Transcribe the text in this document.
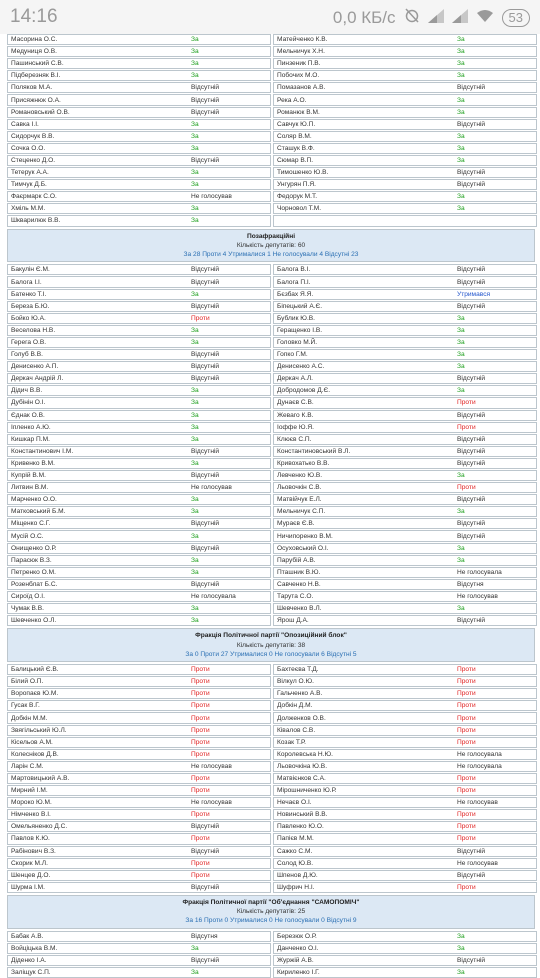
14:16	0,0 КБ/с	53
Масорина О.С.	За	Матейченко К.В.	За
Медуниця О.В.	За	Мельничук Х.Н.	За
Пашинський С.В.	За	Пинзеник П.В.	За
Підберезняк В.І.	За	Побочих М.О.	За
Поляков М.А.	Відсутній	Помазанов А.В.	Відсутній
Присяжнюк О.А.	Відсутній	Река А.О.	За
Романовський О.В.	Відсутній	Романюк В.М.	За
Савка І.І.	За	Савчук Ю.П.	Відсутній
Сидорчук В.В.	За	Соляр В.М.	За
Сочка О.О.	За	Сташук В.Ф.	За
Стеценко Д.О.	Відсутній	Сюмар В.П.	За
Тетерук А.А.	За	Тимошенко Ю.В.	Відсутній
Тимчук Д.Б.	За	Унгурян П.Я.	Відсутній
Фаєрмарк С.О.	Не голосував	Федорук М.Т.	За
Хміль М.М.	За	Чорновол Т.М.	За
Шкварилюк В.В.	За
Позафракційні
Кількість депутатів: 60
За 28 Проти 4 Утрималися 1 Не голосували 4 Відсутні 23
Бакулін Є.М.	Відсутній	Балога В.І.	Відсутній
Балога І.І.	Відсутній	Балога П.І.	Відсутній
Батенко Т.І.	За	Бєзбах Я.Я.	Утримався
Береза Б.Ю.	Відсутній	Біпецький А.Є.	Відсутній
Бойко Ю.А.	Проти	Бублик Ю.В.	За
Веселова Н.В.	За	Геращенко І.В.	За
Герега О.В.	За	Головко М.Й.	За
Голуб В.В.	Відсутній	Гопко Г.М.	За
Денисенко А.П.	Відсутній	Денисенко А.С.	За
Деркач Андрій Л.	Відсутній	Деркач А.Л.	Відсутній
Дідич В.В.	За	Добродомов Д.Є.	За
Дубінін О.І.	За	Дунаєв С.В.	Проти
Єднак О.В.	За	Жеваго К.В.	Відсутній
Іпленко А.Ю.	За	Іоффе Ю.Я.	Проти
Кишкар П.М.	За	Клюєв С.П.	Відсутній
Константинович І.М.	Відсутній	Константиновський В.Л.	Відсутній
Кривенко В.М.	За	Кривохатько В.В.	Відсутній
Купрій В.М.	Відсутній	Левченко Ю.В.	За
Литвин В.М.	Не голосував	Льовочкін С.В.	Проти
Марченко О.О.	За	Матвійчук Е.Л.	Відсутній
Матковський Б.М.	За	Мельничук С.П.	За
Міщенко С.Г.	Відсутній	Мураєв Є.В.	Відсутній
Мусій О.С.	За	Ничипоренко В.М.	Відсутній
Онищенко О.Р.	Відсутній	Осуховський О.І.	За
Парасюк В.З.	За	Парубій А.В.	За
Петренко О.М.	За	Пташник В.Ю.	Не голосувала
Розенблат Б.С.	Відсутній	Савченко Н.В.	Відсутня
Сироїд О.І.	Не голосувала	Тарута С.О.	Не голосував
Чумак В.В.	За	Шевченко В.Л.	За
Шевченко О.Л.	За	Ярош Д.А.	Відсутній
Фракція Політичної партії "Опозиційний блок"
Кількість депутатів: 38
За 0 Проти 27 Утрималися 0 Не голосували 6 Відсутні 5
Балицький Є.В.	Проти	Бахтеєва Т.Д.	Проти
Білий О.П.	Проти	Вілкул О.Ю.	Проти
Воропаєв Ю.М.	Проти	Гальченко А.В.	Проти
Гусак В.Г.	Проти	Добкін Д.М.	Проти
Добкін М.М.	Проти	Долженков О.В.	Проти
Звягільський Ю.Л.	Проти	Ківалов С.В.	Проти
Кісельов А.М.	Проти	Козак Т.Р.	Проти
Колесніков Д.В.	Проти	Королевська Н.Ю.	Не голосувала
Ларін С.М.	Не голосував	Льовочкіна Ю.В.	Не голосувала
Мартовицький А.В.	Проти	Матвієнков С.А.	Проти
Мирний І.М.	Проти	Мірошниченко Ю.Р.	Проти
Мороко Ю.М.	Не голосував	Нечаєв О.І.	Не голосував
Німченко В.І.	Проти	Новинський В.В.	Проти
Омельяненко Д.С.	Відсутній	Павленко Ю.О.	Проти
Павлов К.Ю.	Проти	Папієв М.М.	Проти
Рабінович В.З.	Відсутній	Сажко С.М.	Відсутній
Скорик М.Л.	Проти	Солод Ю.В.	Не голосував
Шенцев Д.О.	Проти	Шпенов Д.Ю.	Відсутній
Шурма І.М.	Відсутній	Шуфрич Н.І.	Проти
Фракція Політичної партії "Об'єднання "САМОПОМІЧ"
Кількість депутатів: 25
За 16 Проти 0 Утрималися 0 Не голосували 0 Відсутні 9
Бабак А.В.	Відсутня	Березюк О.Р.	За
Войціцька В.М.	За	Данченко О.І.	За
Діденко І.А.	Відсутній	Журжій А.В.	Відсутній
Заліщук С.П.	За	Кириленко І.Г.	За
